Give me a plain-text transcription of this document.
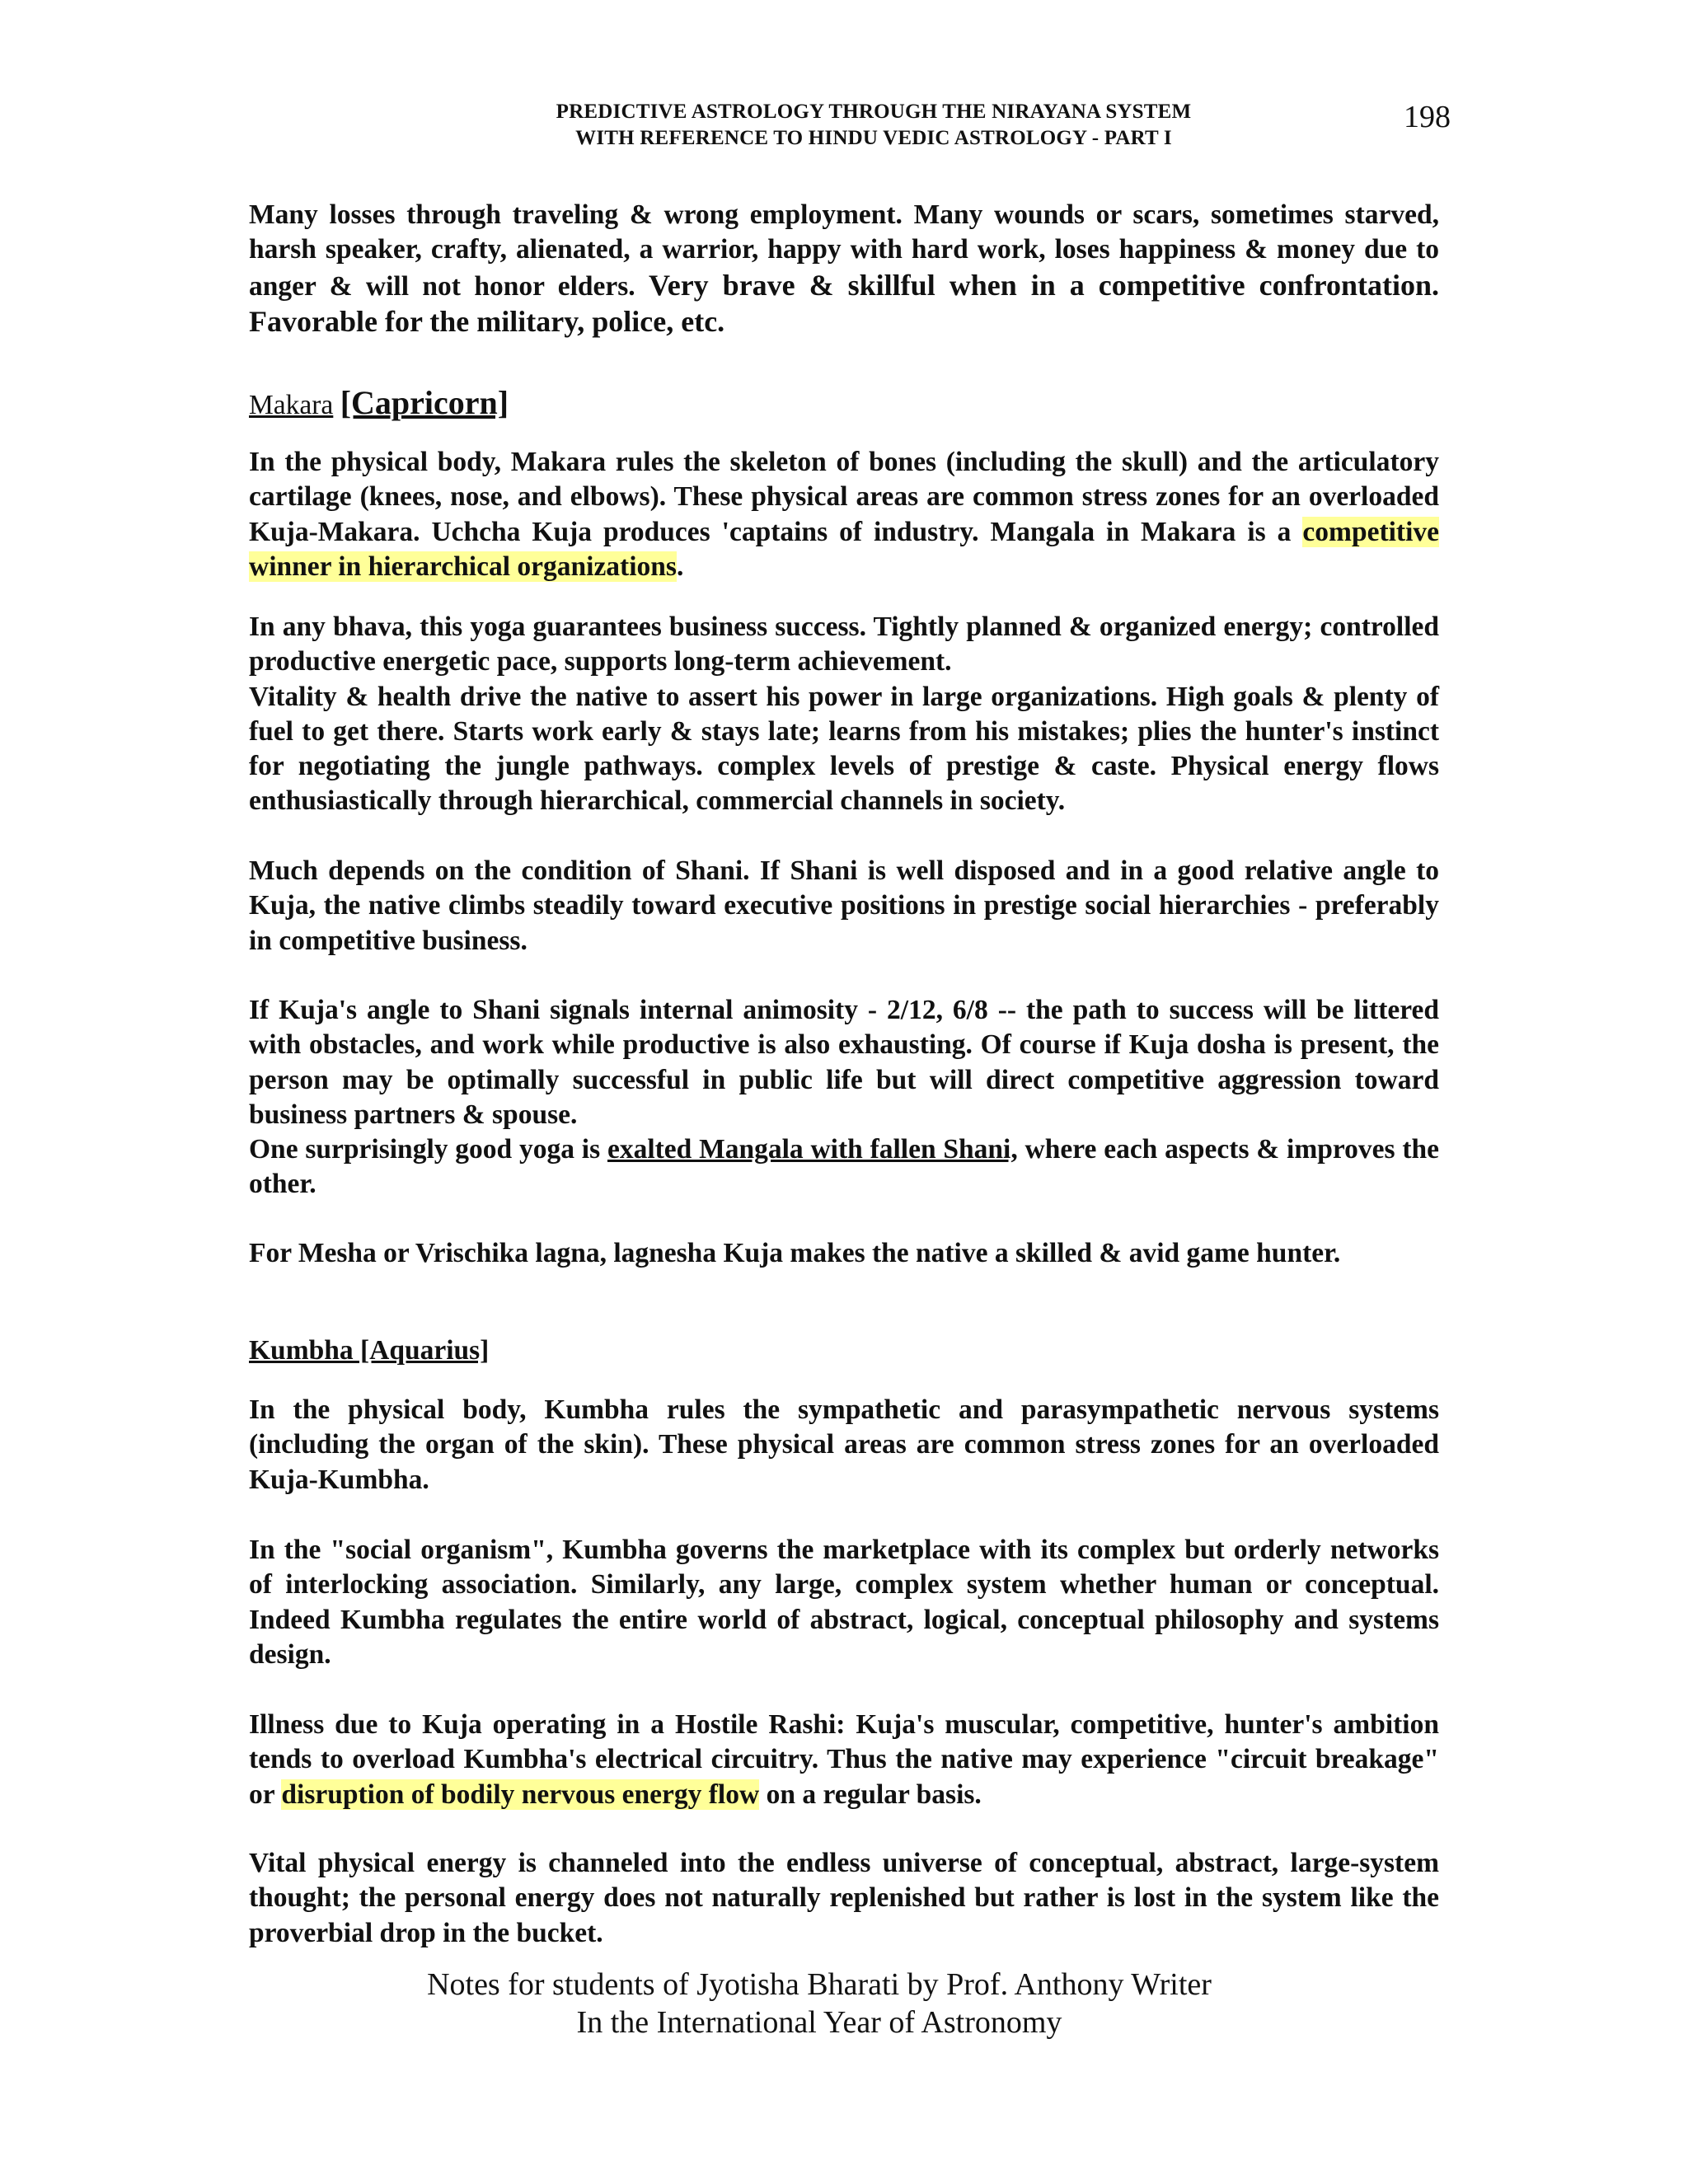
PREDICTIVE ASTROLOGY THROUGH THE NIRAYANA SYSTEM
WITH REFERENCE TO HINDU VEDIC ASTROLOGY - PART I
198

Many losses through traveling & wrong employment. Many wounds or scars, sometimes starved, harsh speaker, crafty, alienated, a warrior, happy with hard work, loses happiness & money due to anger & will not honor elders. Very brave & skillful when in a competitive confrontation. Favorable for the military, police, etc.

Makara [Capricorn]

In the physical body, Makara rules the skeleton of bones (including the skull) and the articulatory cartilage (knees, nose, and elbows). These physical areas are common stress zones for an overloaded Kuja-Makara. Uchcha Kuja produces 'captains of industry. Mangala in Makara is a competitive winner in hierarchical organizations.

In any bhava, this yoga guarantees business success. Tightly planned & organized energy; controlled productive energetic pace, supports long-term achievement.

Vitality & health drive the native to assert his power in large organizations. High goals & plenty of fuel to get there. Starts work early & stays late; learns from his mistakes; plies the hunter's instinct for negotiating the jungle pathways. complex levels of prestige & caste. Physical energy flows enthusiastically through hierarchical, commercial channels in society.

Much depends on the condition of Shani. If Shani is well disposed and in a good relative angle to Kuja, the native climbs steadily toward executive positions in prestige social hierarchies - preferably in competitive business.

If Kuja's angle to Shani signals internal animosity - 2/12, 6/8 -- the path to success will be littered with obstacles, and work while productive is also exhausting. Of course if Kuja dosha is present, the person may be optimally successful in public life but will direct competitive aggression toward business partners & spouse.

One surprisingly good yoga is exalted Mangala with fallen Shani, where each aspects & improves the other.

For Mesha or Vrischika lagna, lagnesha Kuja makes the native a skilled & avid game hunter.

Kumbha [Aquarius]

In the physical body, Kumbha rules the sympathetic and parasympathetic nervous systems (including the organ of the skin). These physical areas are common stress zones for an overloaded Kuja-Kumbha.

In the "social organism", Kumbha governs the marketplace with its complex but orderly networks of interlocking association. Similarly, any large, complex system whether human or conceptual. Indeed Kumbha regulates the entire world of abstract, logical, conceptual philosophy and systems design.

Illness due to Kuja operating in a Hostile Rashi: Kuja's muscular, competitive, hunter's ambition tends to overload Kumbha's electrical circuitry. Thus the native may experience "circuit breakage" or disruption of bodily nervous energy flow on a regular basis.

Vital physical energy is channeled into the endless universe of conceptual, abstract, large-system thought; the personal energy does not naturally replenished but rather is lost in the system like the proverbial drop in the bucket.

Notes for students of Jyotisha Bharati by Prof. Anthony Writer
In the International Year of Astronomy
